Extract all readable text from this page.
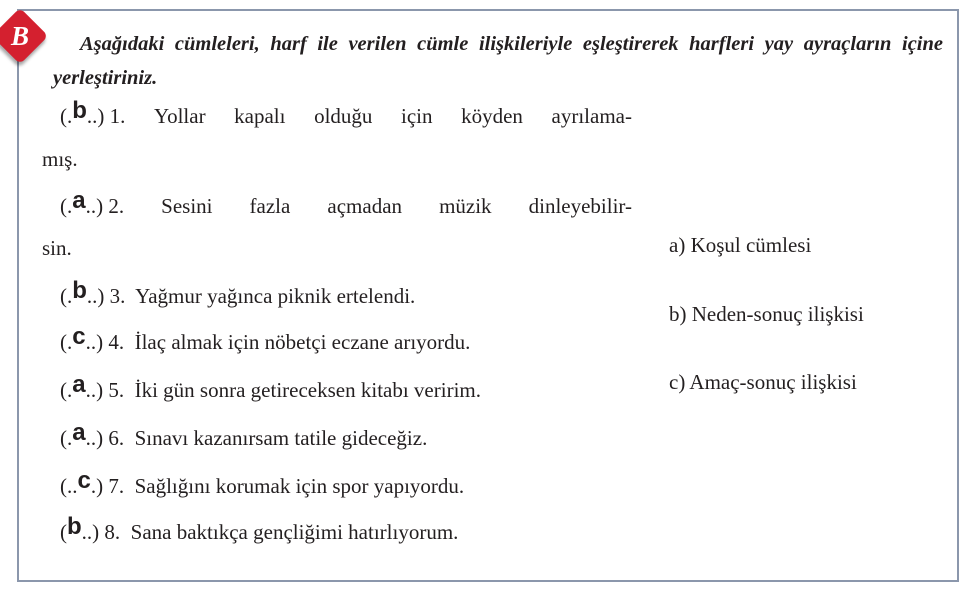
B	Aşağıdaki cümleleri, harf ile verilen cümle ilişkileriyle eşleştirerek harfleri yay ayraçların içine yerleştiriniz.
(.b..) 1. Yollar kapalı olduğu için köyden ayrılama-
mış.
(.a..) 2. Sesini fazla açmadan müzik dinleyebilir-
sin.
(.b..) 3.  Yağmur yağınca piknik ertelendi.
(.c..) 4.  İlaç almak için nöbetçi eczane arıyordu.
(.a..) 5.  İki gün sonra getireceksen kitabı veririm.
(.a..) 6.  Sınavı kazanırsam tatile gideceğiz.
(..c.) 7.  Sağlığını korumak için spor yapıyordu.
(b..) 8.  Sana baktıkça gençliğimi hatırlıyorum.
a) Koşul cümlesi
b) Neden-sonuç ilişkisi
c) Amaç-sonuç ilişkisi
